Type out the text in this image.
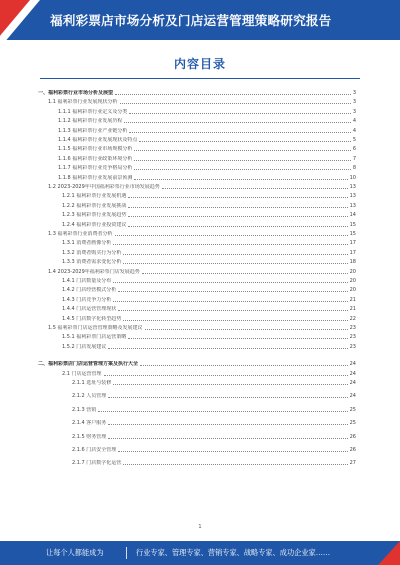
福利彩票店市场分析及门店运营管理策略研究报告
内容目录
一、福利彩票行业市场分析及展望	3
1.1 福利彩票行业发展现状分析	3
1.1.1 福利彩票行业定义及分类	3
1.1.2 福利彩票行业发展历程	4
1.1.3 福利彩票行业产业链分析	4
1.1.4 福利彩票行业发展现状及特点	5
1.1.5 福利彩票行业市场规模分析	6
1.1.6 福利彩票行业政策环境分析	7
1.1.7 福利彩票行业竞争格局分析	8
1.1.8 福利彩票行业发展前景预测	10
1.2 2023-2029年中国福利彩票行业市场发展趋势	13
1.2.1 福利彩票行业发展机遇	13
1.2.2 福利彩票行业发展挑战	13
1.2.3 福利彩票行业发展趋势	14
1.2.4 福利彩票行业投资建议	15
1.3 福利彩票行业消费者分析	15
1.3.1 消费者画像分析	17
1.3.2 消费者购买行为分析	17
1.3.3 消费者需求变化分析	18
1.4 2023-2029年福利彩票门店发展趋势	20
1.4.1 门店数量及分布	20
1.4.2 门店经营模式分析	20
1.4.3 门店竞争力分析	21
1.4.4 门店运营管理现状	21
1.4.5 门店数字化转型趋势	22
1.5 福利彩票门店运营管理策略及发展建议	23
1.5.1 福利彩票门店运营策略	23
1.5.2 门店发展建议	23
二、福利彩票店门店运营管理方案及执行大全	24
2.1 门店运营管理	24
2.1.1 选址与装修	24
2.1.2 人员管理	24
2.1.3 营销	25
2.1.4 客户服务	25
2.1.5 财务管理	26
2.1.6 门店安全管理	26
2.1.7 门店数字化运营	27
1
让每个人都能成为	行业专家、管理专家、营销专家、战略专家、成功企业家……
